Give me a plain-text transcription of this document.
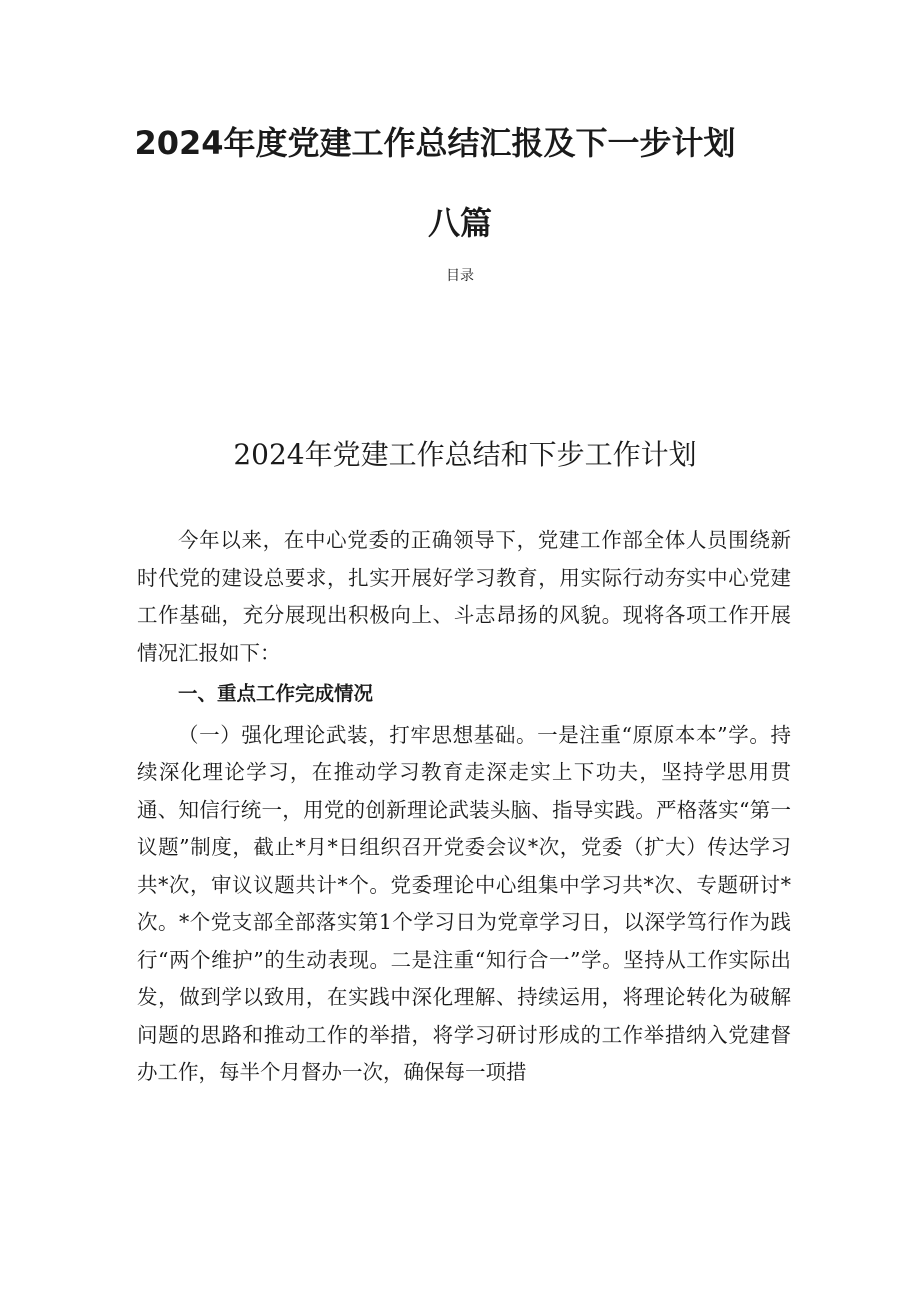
2024年度党建工作总结汇报及下一步计划
八篇
目录
2024年党建工作总结和下步工作计划

今年以来，在中心党委的正确领导下，党建工作部全体人员围绕新时代党的建设总要求，扎实开展好学习教育，用实际行动夯实中心党建工作基础，充分展现出积极向上、斗志昂扬的风貌。现将各项工作开展情况汇报如下：

一、重点工作完成情况

（一）强化理论武装，打牢思想基础。一是注重“原原本本”学。持续深化理论学习，在推动学习教育走深走实上下功夫，坚持学思用贯通、知信行统一，用党的创新理论武装头脑、指导实践。严格落实“第一议题”制度，截止*月*日组织召开党委会议*次，党委（扩大）传达学习共*次，审议议题共计*个。党委理论中心组集中学习共*次、专题研讨*次。*个党支部全部落实第1个学习日为党章学习日，以深学笃行作为践行“两个维护”的生动表现。二是注重“知行合一”学。坚持从工作实际出发，做到学以致用，在实践中深化理解、持续运用，将理论转化为破解问题的思路和推动工作的举措，将学习研讨形成的工作举措纳入党建督办工作，每半个月督办一次，确保每一项措
